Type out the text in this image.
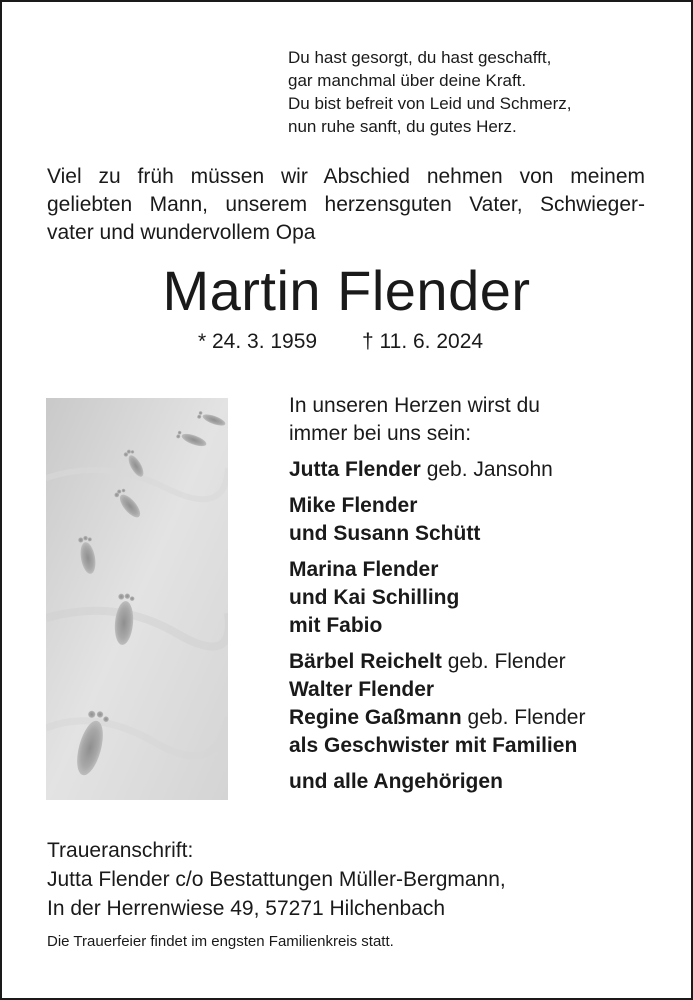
Du hast gesorgt, du hast geschafft,
gar manchmal über deine Kraft.
Du bist befreit von Leid und Schmerz,
nun ruhe sanft, du gutes Herz.
Viel zu früh müssen wir Abschied nehmen von meinem
geliebten Mann, unserem herzensguten Vater, Schwieger-
vater und wundervollem Opa
Martin Flender
* 24. 3. 1959 † 11. 6. 2024
In unseren Herzen wirst du
immer bei uns sein:
Jutta Flender geb. Jansohn
Mike Flender
und Susann Schütt
Marina Flender
und Kai Schilling
mit Fabio
Bärbel Reichelt geb. Flender
Walter Flender
Regine Gaßmann geb. Flender
als Geschwister mit Familien
und alle Angehörigen
Traueranschrift:
Jutta Flender c/o Bestattungen Müller-Bergmann,
In der Herrenwiese 49, 57271 Hilchenbach
Die Trauerfeier findet im engsten Familienkreis statt.
